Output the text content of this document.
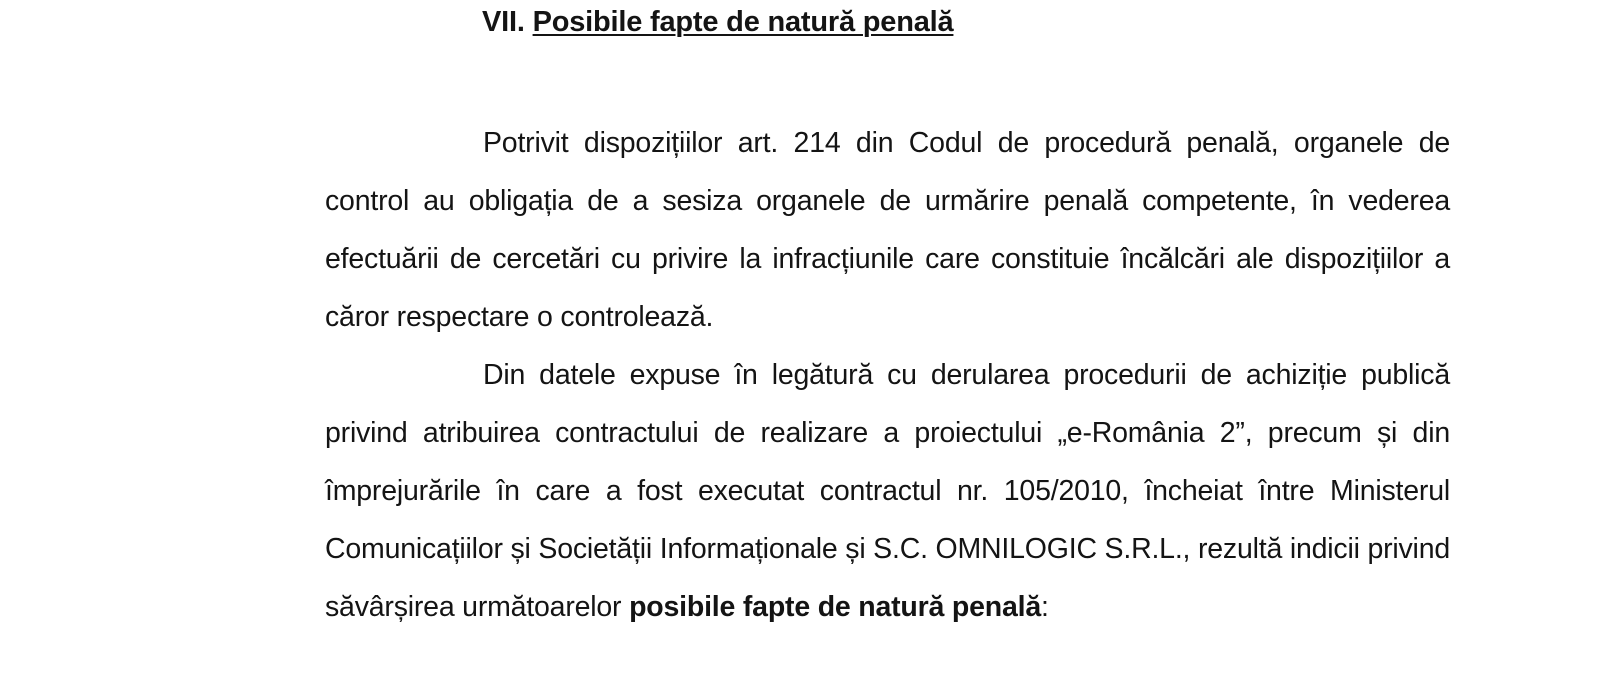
VII. Posibile fapte de natură penală

Potrivit dispozițiilor art. 214 din Codul de procedură penală, organele de control au obligația de a sesiza organele de urmărire penală competente, în vederea efectuării de cercetări cu privire la infracțiunile care constituie încălcări ale dispozițiilor a căror respectare o controlează.

Din datele expuse în legătură cu derularea procedurii de achiziție publică privind atribuirea contractului de realizare a proiectului „e-România 2”, precum și din împrejurările în care a fost executat contractul nr. 105/2010, încheiat între Ministerul Comunicațiilor și Societății Informaționale și S.C. OMNILOGIC S.R.L., rezultă indicii privind săvârșirea următoarelor posibile fapte de natură penală:
